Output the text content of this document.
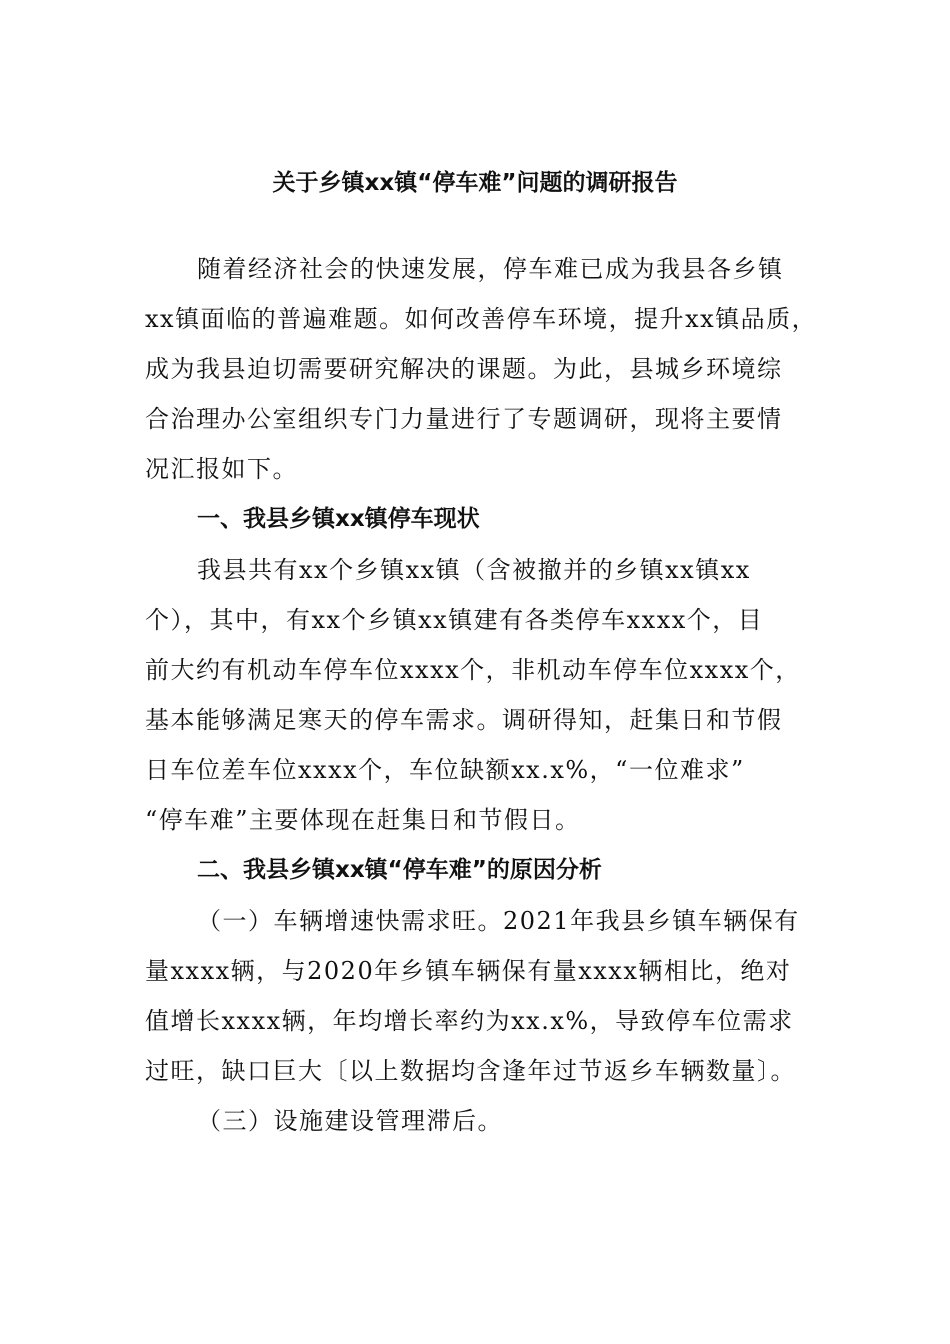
关于乡镇xx镇“停车难”问题的调研报告
随着经济社会的快速发展，停车难已成为我县各乡镇
xx镇面临的普遍难题。如何改善停车环境，提升xx镇品质，
成为我县迫切需要研究解决的课题。为此，县城乡环境综
合治理办公室组织专门力量进行了专题调研，现将主要情
况汇报如下。
一、我县乡镇xx镇停车现状
我县共有xx个乡镇xx镇（含被撤并的乡镇xx镇xx
个），其中，有xx个乡镇xx镇建有各类停车xxxx个，目
前大约有机动车停车位xxxx个，非机动车停车位xxxx个，
基本能够满足寒天的停车需求。调研得知，赶集日和节假
日车位差车位xxxx个，车位缺额xx.x%，“一位难求”
“停车难”主要体现在赶集日和节假日。
二、我县乡镇xx镇“停车难”的原因分析
（一）车辆增速快需求旺。2021年我县乡镇车辆保有
量xxxx辆，与2020年乡镇车辆保有量xxxx辆相比，绝对
值增长xxxx辆，年均增长率约为xx.x%，导致停车位需求
过旺，缺口巨大〔以上数据均含逢年过节返乡车辆数量〕。
（三）设施建设管理滞后。
